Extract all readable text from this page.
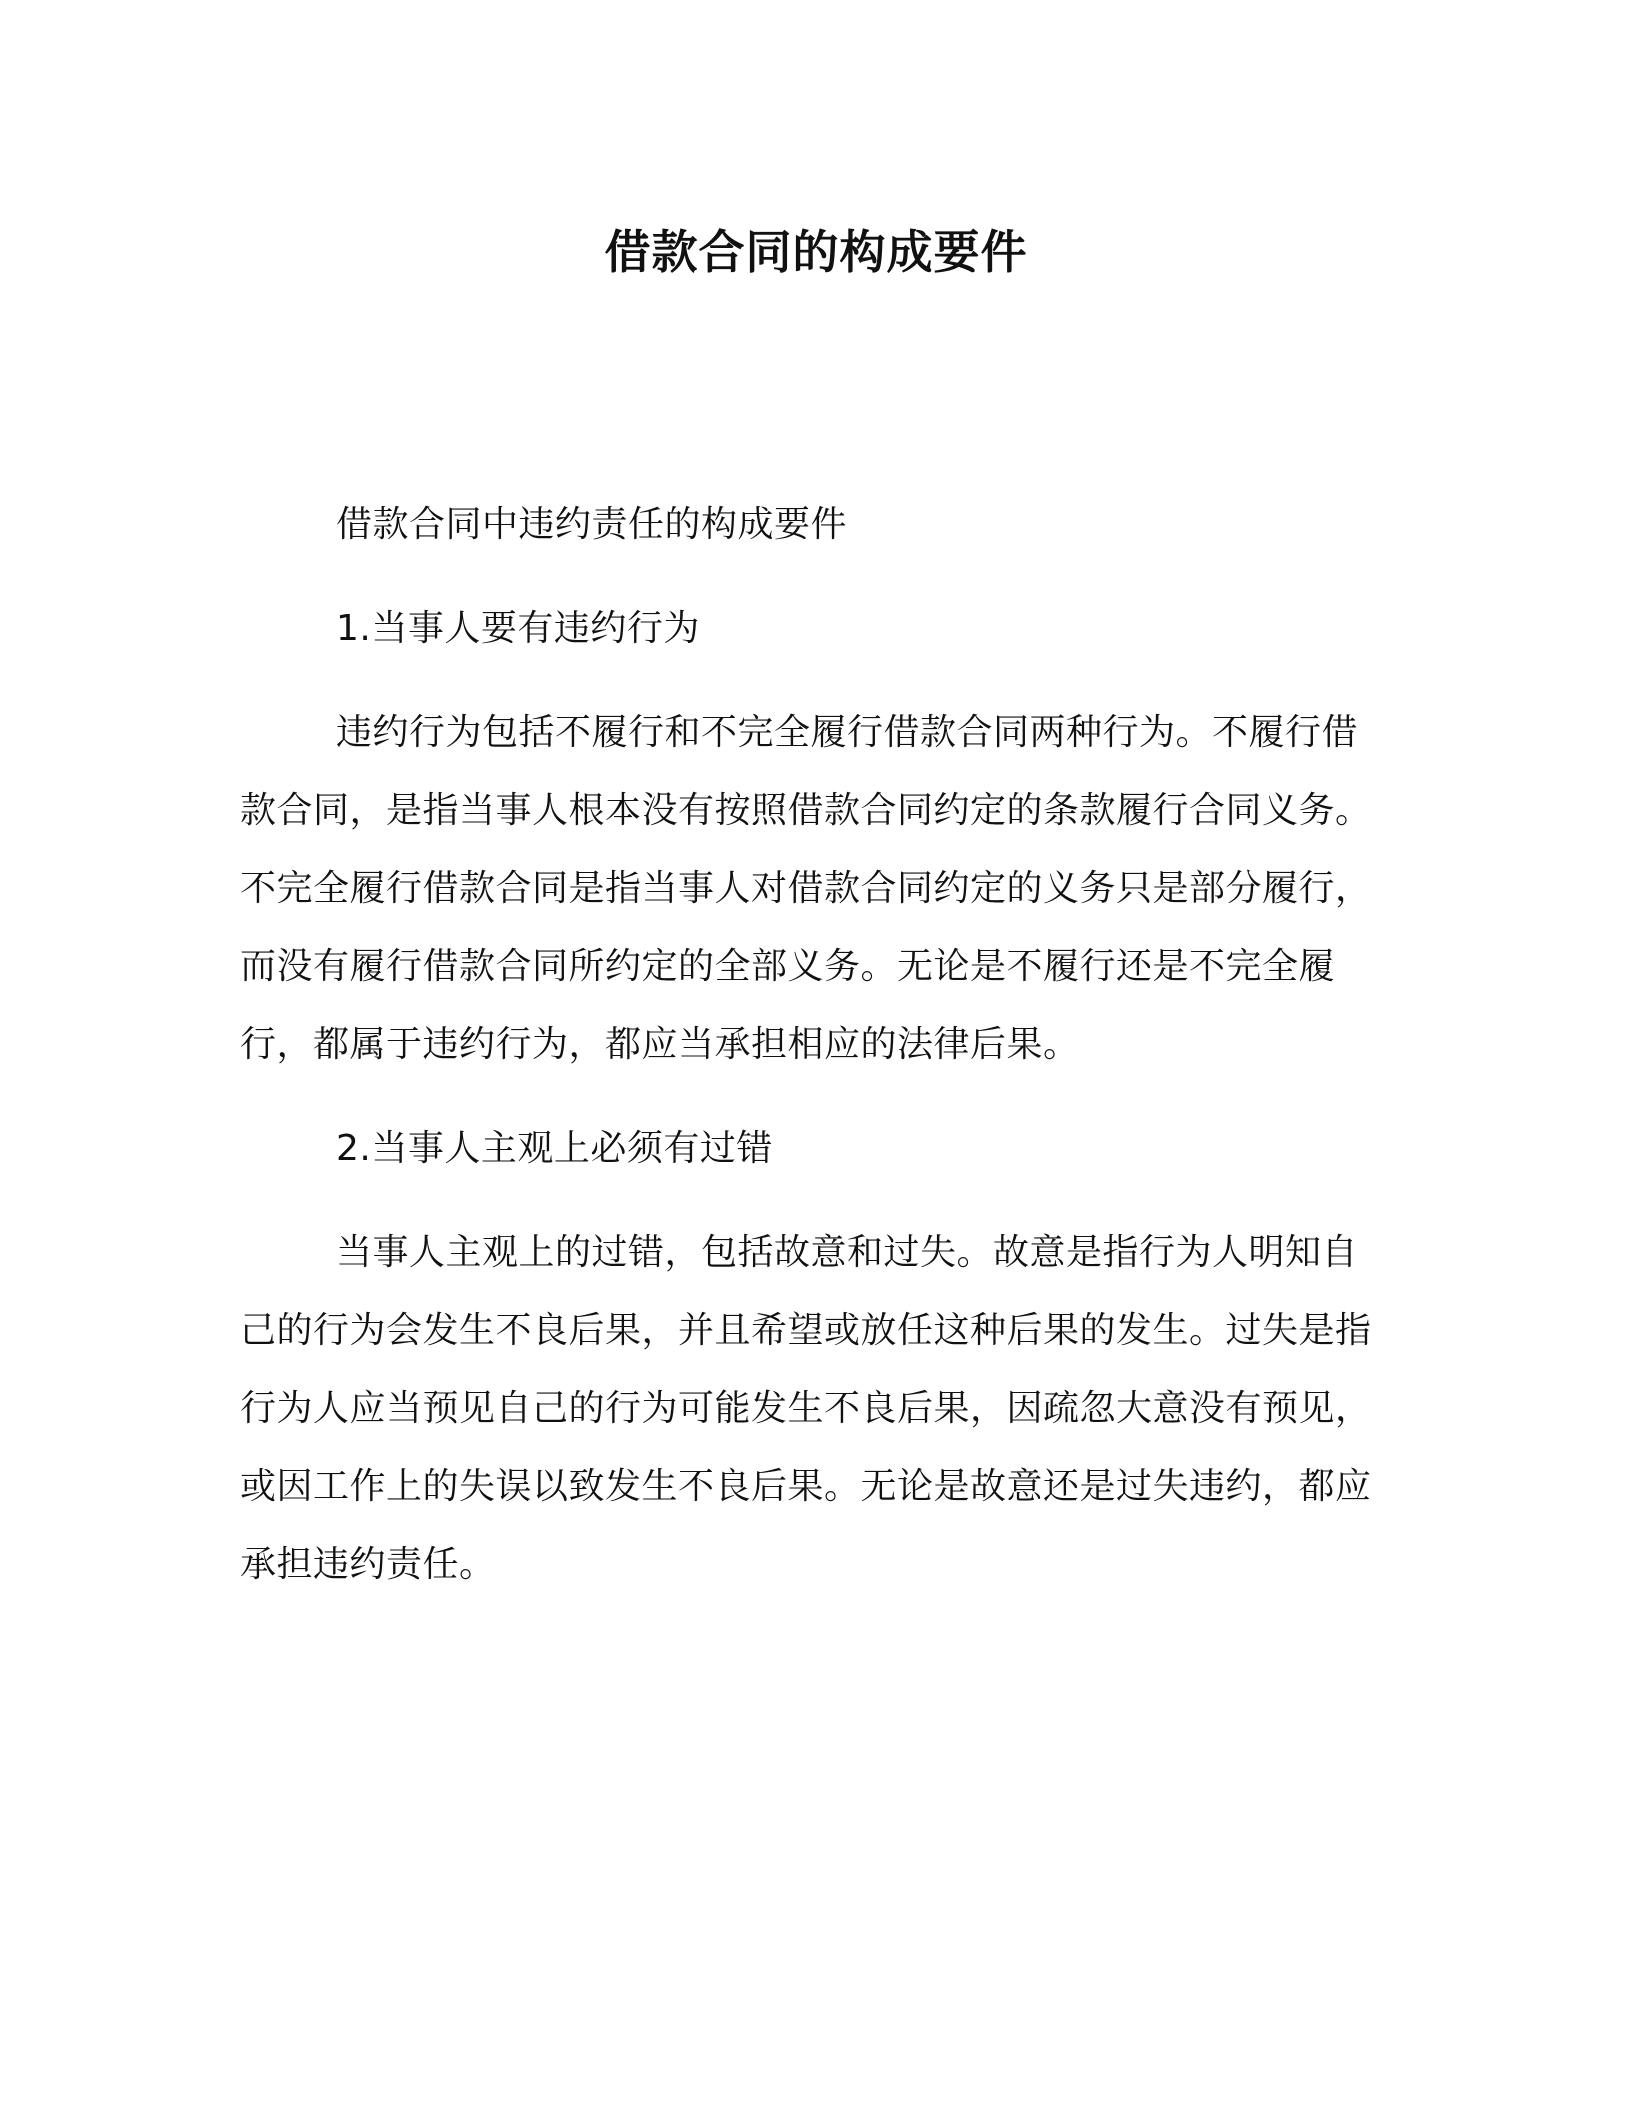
借款合同的构成要件

借款合同中违约责任的构成要件

1.当事人要有违约行为

违约行为包括不履行和不完全履行借款合同两种行为。不履行借款合同，是指当事人根本没有按照借款合同约定的条款履行合同义务。不完全履行借款合同是指当事人对借款合同约定的义务只是部分履行，而没有履行借款合同所约定的全部义务。无论是不履行还是不完全履行，都属于违约行为，都应当承担相应的法律后果。

2.当事人主观上必须有过错

当事人主观上的过错，包括故意和过失。故意是指行为人明知自己的行为会发生不良后果，并且希望或放任这种后果的发生。过失是指行为人应当预见自己的行为可能发生不良后果，因疏忽大意没有预见，或因工作上的失误以致发生不良后果。无论是故意还是过失违约，都应承担违约责任。
